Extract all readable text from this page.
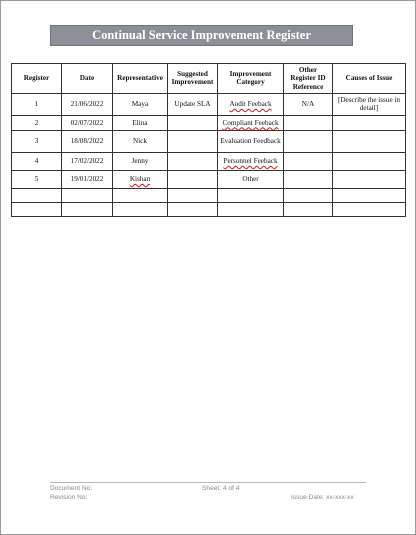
Continual Service Improvement Register
Register	Date	Representative	Suggested Improvement	Improvement Category	Other Register ID Reference	Causes of Issue
1	21/06/2022	Maya	Update SLA	Audit Feeback	N/A	[Describe the issue in detail]
2	02/07/2022	Elina		Compliant Feeback		
3	18/08/2022	Nick		Evaluation Feedback		
4	17/02/2022	Jenny		Personnel Feeback		
5	19/01/2022	Kishan		Other		

Document No:
Revision No:
Sheet: 4 of 4
Issue Date: xx-xxx-xx
